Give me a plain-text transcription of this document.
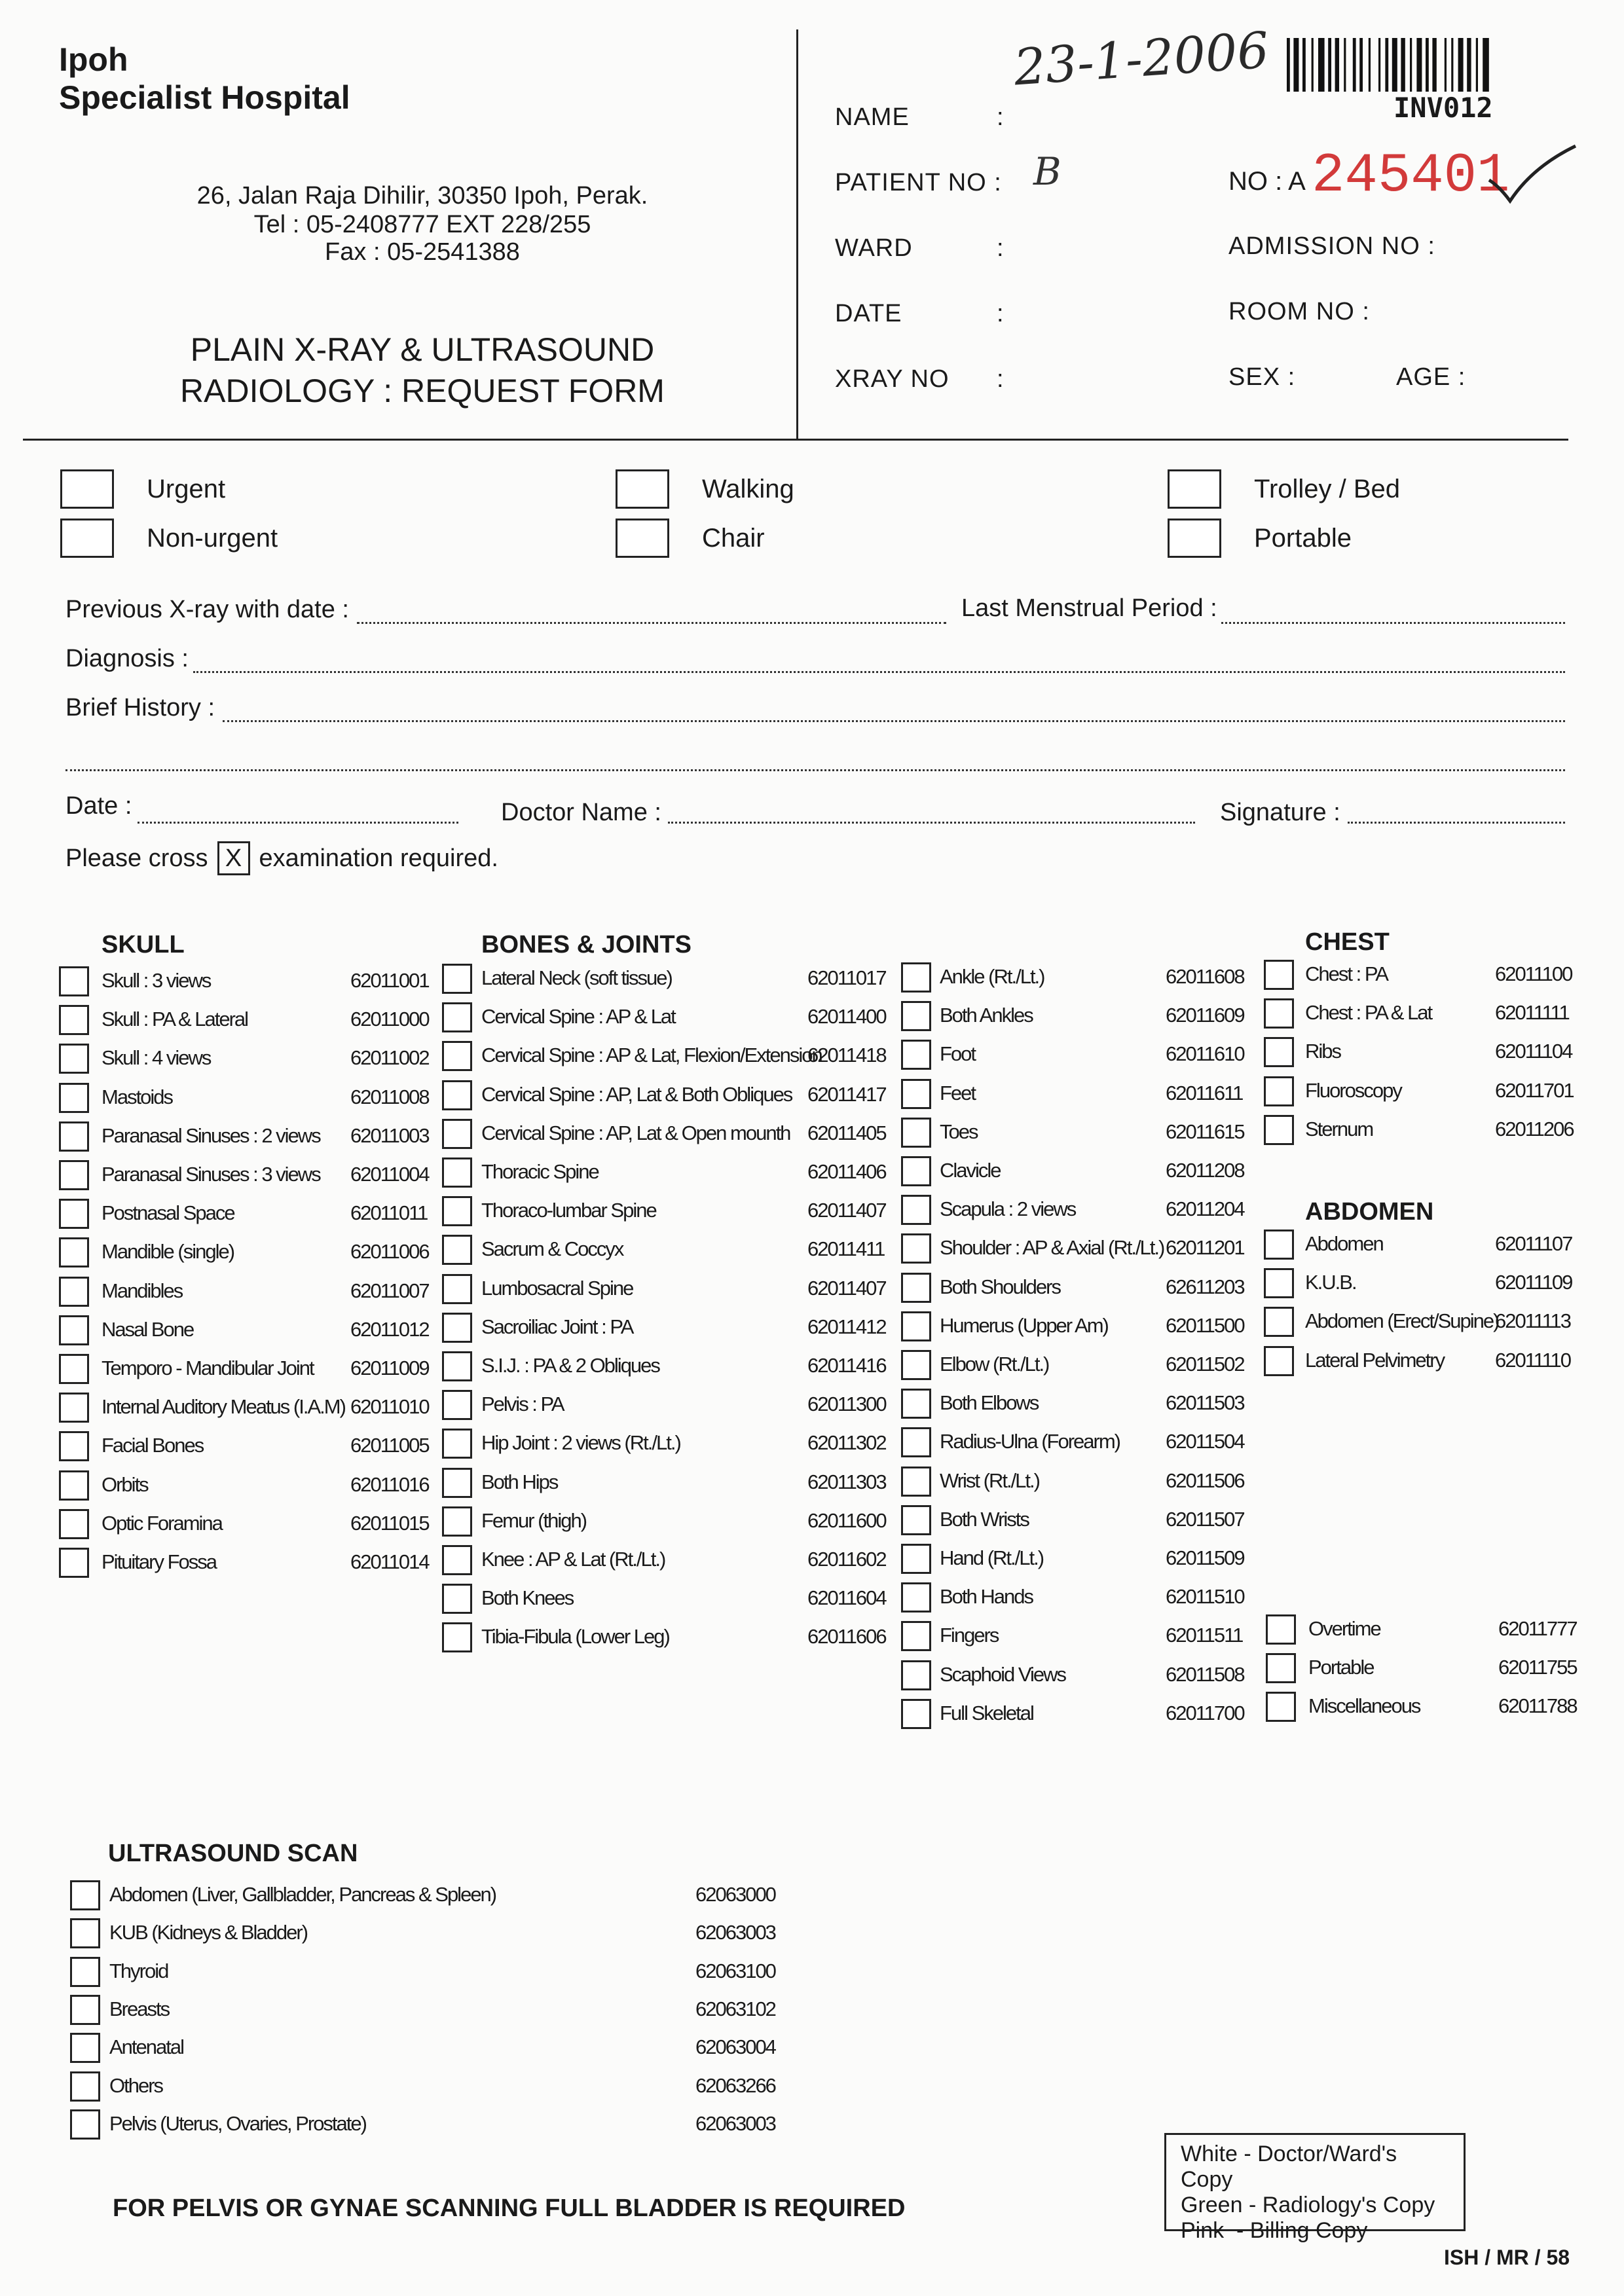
Ipoh
Specialist Hospital
26, Jalan Raja Dihilir, 30350 Ipoh, Perak.
Tel : 05-2408777 EXT 228/255
Fax : 05-2541388
PLAIN X-RAY & ULTRASOUND
RADIOLOGY : REQUEST FORM
NAME	:
PATIENT NO : B
WARD	:
DATE	:
XRAY NO :
ADMISSION NO :
ROOM NO :
SEX :	AGE :
23-1-2006
INV012
NO : A 245401
Urgent
Non-urgent
Walking
Chair
Trolley / Bed
Portable
Previous X-ray with date :	Last Menstrual Period :
Diagnosis :
Brief History :
Date :	Doctor Name :	Signature :
Please cross X examination required.
SKULL	BONES & JOINTS	CHEST
ABDOMEN
ULTRASOUND SCAN
Skull : 3 views	62011001
Skull : PA & Lateral	62011000
Skull : 4 views	62011002
Mastoids	62011008
Paranasal Sinuses : 2 views 62011003
Paranasal Sinuses : 3 views 62011004
Postnasal Space	62011011
Mandible (single)	62011006
Mandibles	62011007
Nasal Bone	62011012
Temporo - Mandibular Joint 62011009
Internal Auditory Meatus (I.A.M) 62011010
Facial Bones	62011005
Orbits	62011016
Optic Foramina	62011015
Pituitary Fossa	62011014
Lateral Neck (soft tissue)	62011017
Cervical Spine : AP & Lat	62011400
Cervical Spine : AP & Lat, Flexion/Extension
62011418
Cervical Spine : AP, Lat & Both Obliques 62011417
Cervical Spine : AP, Lat & Open mounth 62011405
Thoracic Spine	62011406
Thoraco-lumbar Spine	62011407
Sacrum & Coccyx	62011411
Lumbosacral Spine	62011407
Sacroiliac Joint : PA	62011412
S.I.J. : PA & 2 Obliques	62011416
Pelvis : PA	62011300
Hip Joint : 2 views (Rt./Lt.)	62011302
Both Hips	62011303
Femur (thigh)	62011600
Knee : AP & Lat (Rt./Lt.)	62011602
Both Knees	62011604
Tibia-Fibula (Lower Leg)	62011606
Ankle (Rt./Lt.)	62011608
Both Ankles	62011609
Foot	62011610
Feet	62011611
Toes	62011615
Clavicle	62011208
Scapula : 2 views	62011204
Shoulder : AP & Axial (Rt./Lt.) 62011201
Both Shoulders	62611203
Humerus (Upper Am)	62011500
Elbow (Rt./Lt.)	62011502
Both Elbows	62011503
Radius-Ulna (Forearm) 62011504
Wrist (Rt./Lt.)	62011506
Both Wrists	62011507
Hand (Rt./Lt.)	62011509
Both Hands	62011510
Fingers	62011511
Scaphoid Views	62011508
Full Skeletal	62011700
Chest : PA	62011100
Chest : PA & Lat	62011111
Ribs	62011104
Fluoroscopy	62011701
Sternum	62011206
Abdomen	62011107
K.U.B.	62011109
Abdomen (Erect/Supine)
62011113
Lateral Pelvimetry	62011110
Overtime	62011777
Portable	62011755
Miscellaneous	62011788
Abdomen (Liver, Gallbladder, Pancreas & Spleen)	62063000
KUB (Kidneys & Bladder)	62063003
Thyroid	62063100
Breasts	62063102
Antenatal	62063004
Others	62063266
Pelvis (Uterus, Ovaries, Prostate)	62063003
FOR PELVIS OR GYNAE SCANNING FULL BLADDER IS REQUIRED
White - Doctor/Ward's Copy
Green - Radiology's Copy
Pink  - Billing Copy
ISH / MR / 58
